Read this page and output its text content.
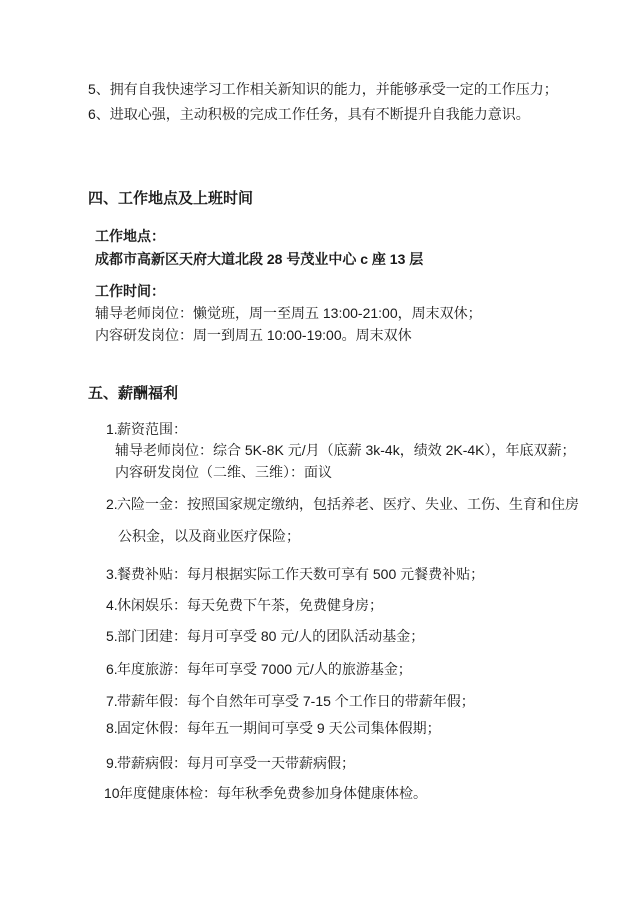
5、拥有自我快速学习工作相关新知识的能力，并能够承受一定的工作压力；
6、进取心强，主动积极的完成工作任务，具有不断提升自我能力意识。
四、工作地点及上班时间
工作地点：
成都市高新区天府大道北段 28 号茂业中心 c 座 13 层
工作时间：
辅导老师岗位：懒觉班，周一至周五 13:00-21:00，周末双休；
内容研发岗位：周一到周五 10:00-19:00。周末双休
五、薪酬福利
1.薪资范围：
辅导老师岗位：综合 5K-8K 元/月（底薪 3k-4k，绩效 2K-4K），年底双薪；
内容研发岗位（二维、三维）：面议
2.六险一金：按照国家规定缴纳，包括养老、医疗、失业、工伤、生育和住房
公积金，以及商业医疗保险；
3.餐费补贴：每月根据实际工作天数可享有 500 元餐费补贴；
4.休闲娱乐：每天免费下午茶，免费健身房；
5.部门团建：每月可享受 80 元/人的团队活动基金；
6.年度旅游：每年可享受 7000 元/人的旅游基金；
7.带薪年假：每个自然年可享受 7-15 个工作日的带薪年假；
8.固定休假：每年五一期间可享受 9 天公司集体假期；
9.带薪病假：每月可享受一天带薪病假；
10.年度健康体检：每年秋季免费参加身体健康体检。
